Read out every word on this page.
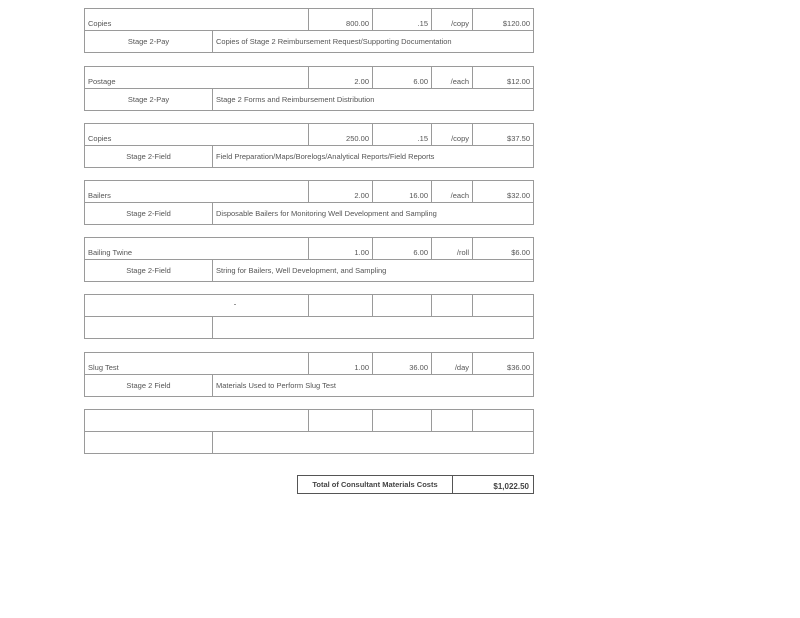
Copies	800.00	.15	/copy	$120.00
Stage 2-Pay	Copies of Stage 2 Reimbursement Request/Supporting Documentation
Postage	2.00	6.00	/each	$12.00
Stage 2-Pay	Stage 2 Forms and Reimbursement Distribution
Copies	250.00	.15	/copy	$37.50
Stage 2-Field	Field Preparation/Maps/Borelogs/Analytical Reports/Field Reports
Bailers	2.00	16.00	/each	$32.00
Stage 2-Field	Disposable Bailers for Monitoring Well Development and Sampling
Bailing Twine	1.00	6.00	/roll	$6.00
Stage 2-Field	String for Bailers, Well Development, and Sampling
Slug Test	1.00	36.00	/day	$36.00
Stage 2 Field	Materials Used to Perform Slug Test
Total of Consultant Materials Costs	$1,022.50
